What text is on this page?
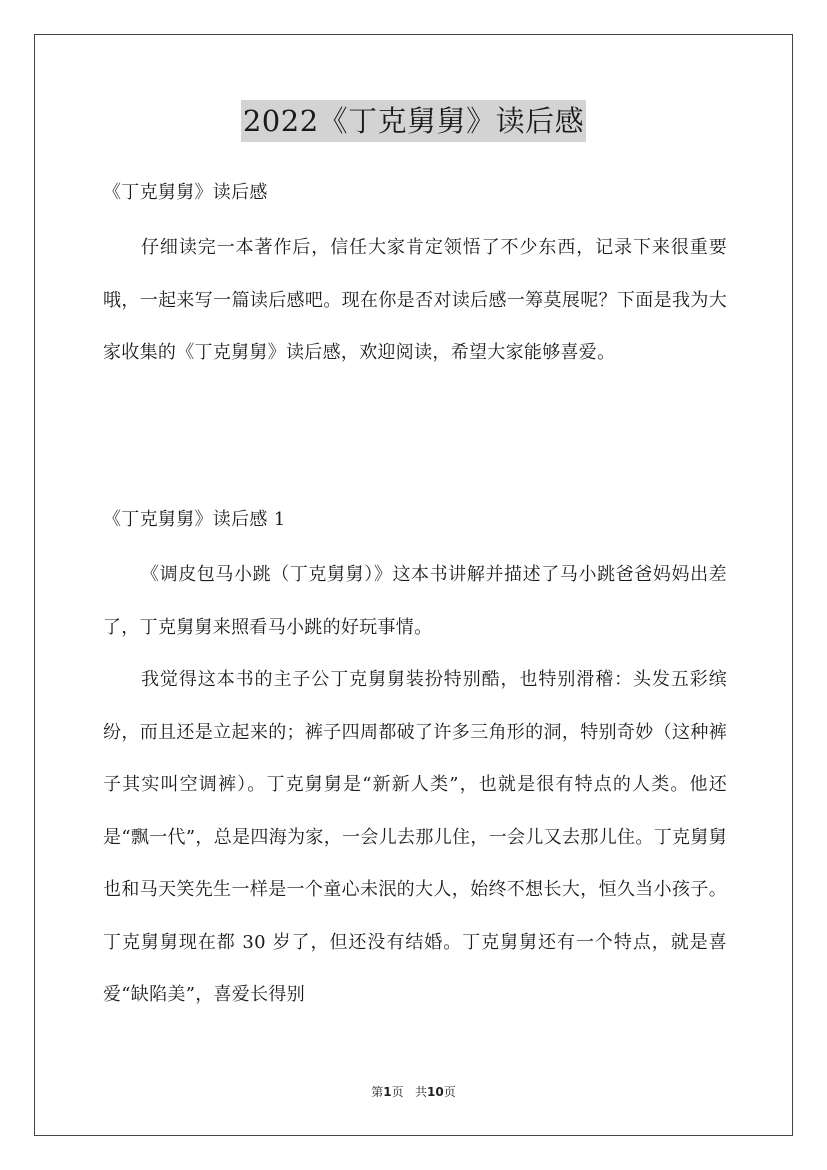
2022《丁克舅舅》读后感
《丁克舅舅》读后感
仔细读完一本著作后，信任大家肯定领悟了不少东西，记录下来很重要哦，一起来写一篇读后感吧。现在你是否对读后感一筹莫展呢？下面是我为大家收集的《丁克舅舅》读后感，欢迎阅读，希望大家能够喜爱。
《丁克舅舅》读后感 1
《调皮包马小跳（丁克舅舅）》这本书讲解并描述了马小跳爸爸妈妈出差了，丁克舅舅来照看马小跳的好玩事情。
我觉得这本书的主子公丁克舅舅装扮特别酷，也特别滑稽：头发五彩缤纷，而且还是立起来的；裤子四周都破了许多三角形的洞，特别奇妙（这种裤子其实叫空调裤）。丁克舅舅是“新新人类”，也就是很有特点的人类。他还是“飘一代”，总是四海为家，一会儿去那儿住，一会儿又去那儿住。丁克舅舅也和马天笑先生一样是一个童心未泯的大人，始终不想长大，恒久当小孩子。丁克舅舅现在都 30 岁了，但还没有结婚。丁克舅舅还有一个特点，就是喜爱“缺陷美”，喜爱长得别
第1页   共10页
